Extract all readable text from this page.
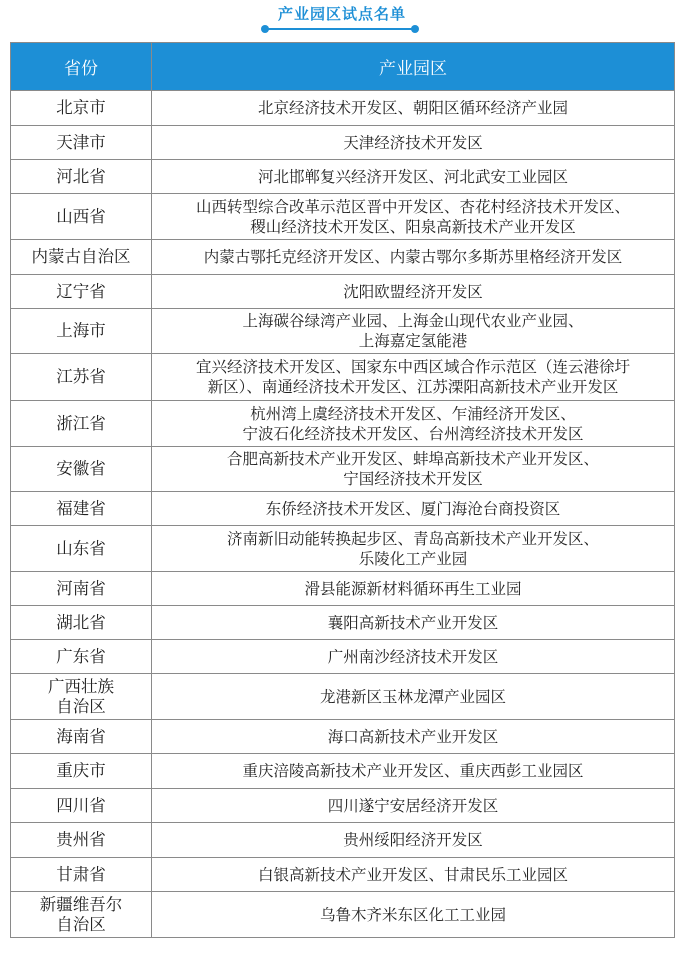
产业园区试点名单
省份	产业园区
北京市	北京经济技术开发区、朝阳区循环经济产业园
天津市	天津经济技术开发区
河北省	河北邯郸复兴经济开发区、河北武安工业园区
山西省	山西转型综合改革示范区晋中开发区、杏花村经济技术开发区、
稷山经济技术开发区、阳泉高新技术产业开发区
内蒙古自治区	内蒙古鄂托克经济开发区、内蒙古鄂尔多斯苏里格经济开发区
辽宁省	沈阳欧盟经济开发区
上海市	上海碳谷绿湾产业园、上海金山现代农业产业园、
上海嘉定氢能港
江苏省	宜兴经济技术开发区、国家东中西区域合作示范区（连云港徐圩
新区）、南通经济技术开发区、江苏溧阳高新技术产业开发区
浙江省	杭州湾上虞经济技术开发区、乍浦经济开发区、
宁波石化经济技术开发区、台州湾经济技术开发区
安徽省	合肥高新技术产业开发区、蚌埠高新技术产业开发区、
宁国经济技术开发区
福建省	东侨经济技术开发区、厦门海沧台商投资区
山东省	济南新旧动能转换起步区、青岛高新技术产业开发区、
乐陵化工产业园
河南省	滑县能源新材料循环再生工业园
湖北省	襄阳高新技术产业开发区
广东省	广州南沙经济技术开发区
广西壮族
自治区	龙港新区玉林龙潭产业园区
海南省	海口高新技术产业开发区
重庆市	重庆涪陵高新技术产业开发区、重庆西彭工业园区
四川省	四川遂宁安居经济开发区
贵州省	贵州绥阳经济开发区
甘肃省	白银高新技术产业开发区、甘肃民乐工业园区
新疆维吾尔
自治区	乌鲁木齐米东区化工工业园
